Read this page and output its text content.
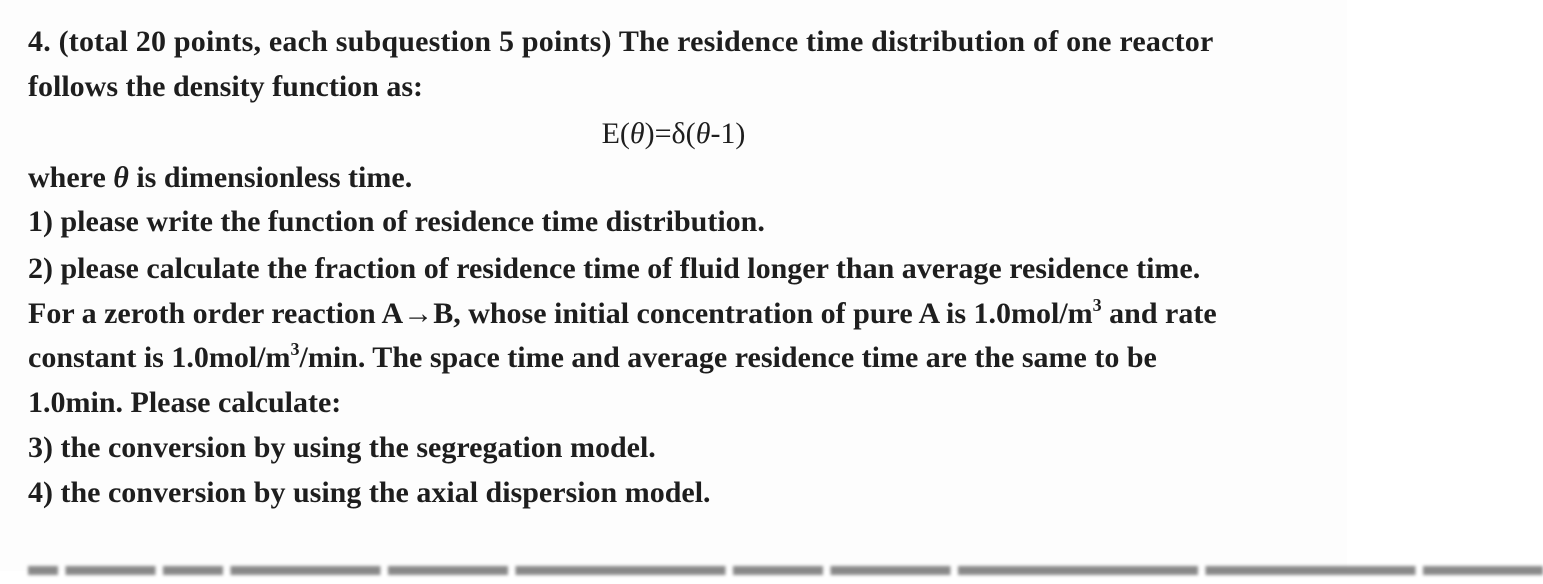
4. (total 20 points, each subquestion 5 points) The residence time distribution of one reactor
follows the density function as:
E(θ)=δ(θ-1)
where θ is dimensionless time.
1) please write the function of residence time distribution.
2) please calculate the fraction of residence time of fluid longer than average residence time.
For a zeroth order reaction A→B, whose initial concentration of pure A is $1.0mol/m^3$ and rate
constant is $1.0mol/m^3/\min$. The space time and average residence time are the same to be
1.0min. Please calculate:
3) the conversion by using the segregation model.
4) the conversion by using the axial dispersion model.
▬ ▬▬▬ ▬▬ ▬▬▬▬▬ ▬▬▬▬ ▬▬▬▬▬▬▬ ▬▬▬ ▬▬▬▬ ▬▬▬▬▬▬▬▬ ▬▬▬▬▬▬▬ ▬▬▬▬
